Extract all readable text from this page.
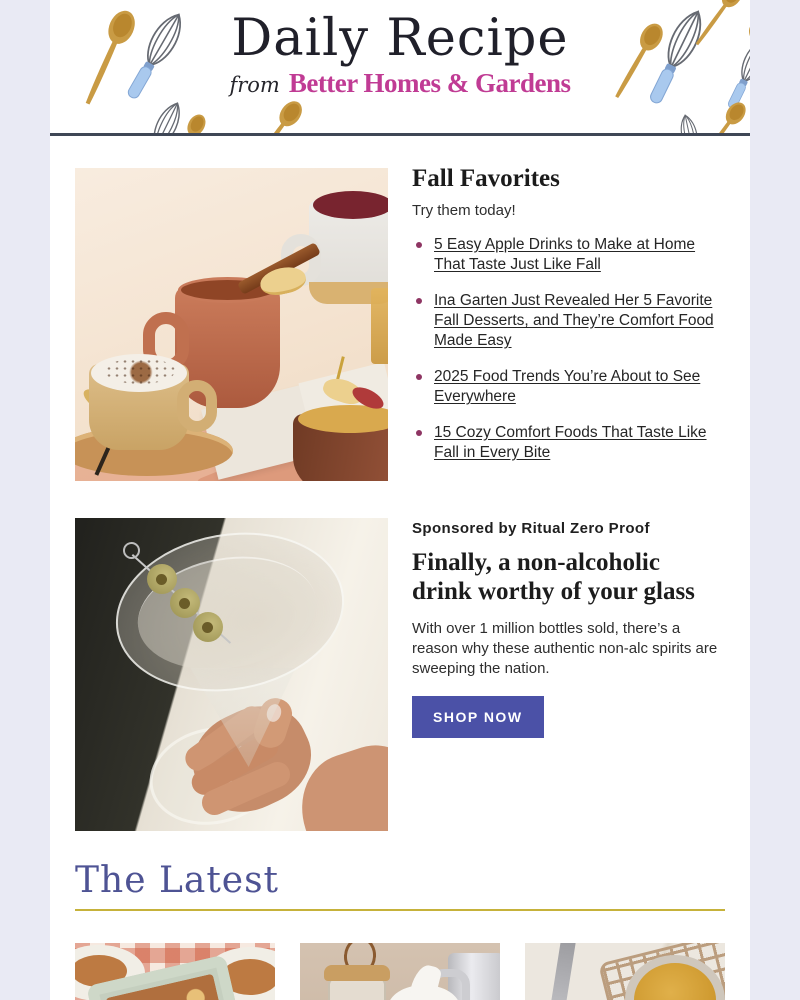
Daily Recipe
from Better Homes & Gardens
Fall Favorites

Try them today!

5 Easy Apple Drinks to Make at Home That Taste Just Like Fall
Ina Garten Just Revealed Her 5 Favorite Fall Desserts, and They’re Comfort Food Made Easy
2025 Food Trends You’re About to See Everywhere
15 Cozy Comfort Foods That Taste Like Fall in Every Bite

Sponsored by Ritual Zero Proof

Finally, a non-alcoholic drink worthy of your glass

With over 1 million bottles sold, there’s a reason why these authentic non-alc spirits are sweeping the nation.

SHOP NOW
The Latest
